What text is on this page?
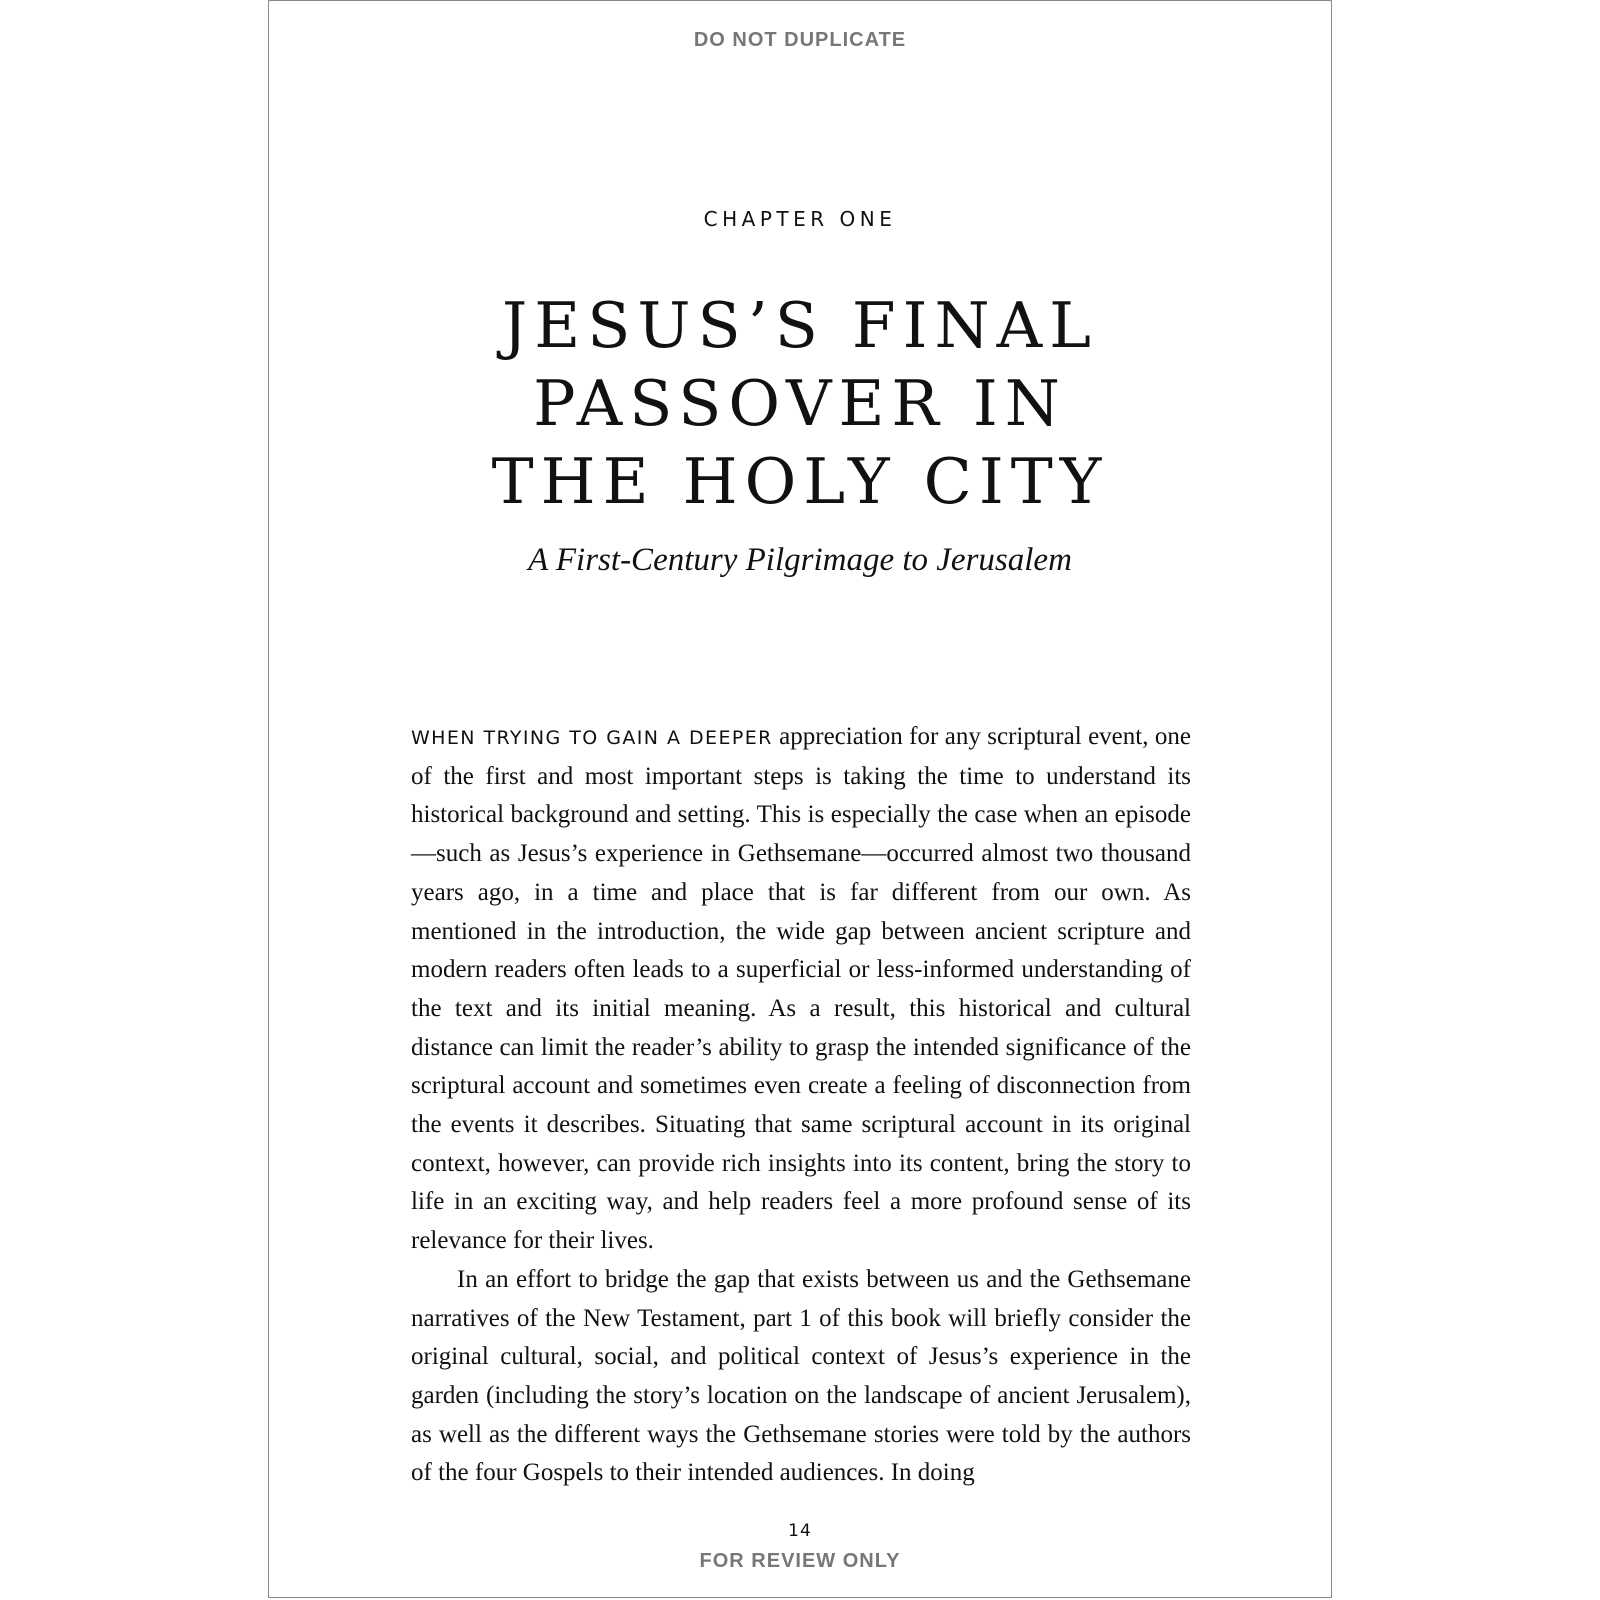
DO NOT DUPLICATE
CHAPTER ONE
JESUS’S FINAL
PASSOVER IN
THE HOLY CITY
A First-Century Pilgrimage to Jerusalem

WHEN TRYING TO GAIN A DEEPER appreciation for any scriptural event, one of the first and most important steps is taking the time to understand its historical background and setting. This is especially the case when an episode—such as Jesus’s experience in Gethsemane—occurred almost two thousand years ago, in a time and place that is far different from our own. As mentioned in the introduction, the wide gap between ancient scripture and modern readers often leads to a superficial or less-informed understanding of the text and its initial meaning. As a result, this historical and cultural distance can limit the reader’s ability to grasp the intended significance of the scriptural account and sometimes even create a feeling of disconnection from the events it describes. Situating that same scriptural account in its original context, however, can provide rich insights into its content, bring the story to life in an exciting way, and help readers feel a more profound sense of its relevance for their lives.

In an effort to bridge the gap that exists between us and the Gethsemane narratives of the New Testament, part 1 of this book will briefly consider the original cultural, social, and political context of Jesus’s experience in the garden (including the story’s location on the landscape of ancient Jerusalem), as well as the different ways the Gethsemane stories were told by the authors of the four Gospels to their intended audiences. In doing

14
FOR REVIEW ONLY
